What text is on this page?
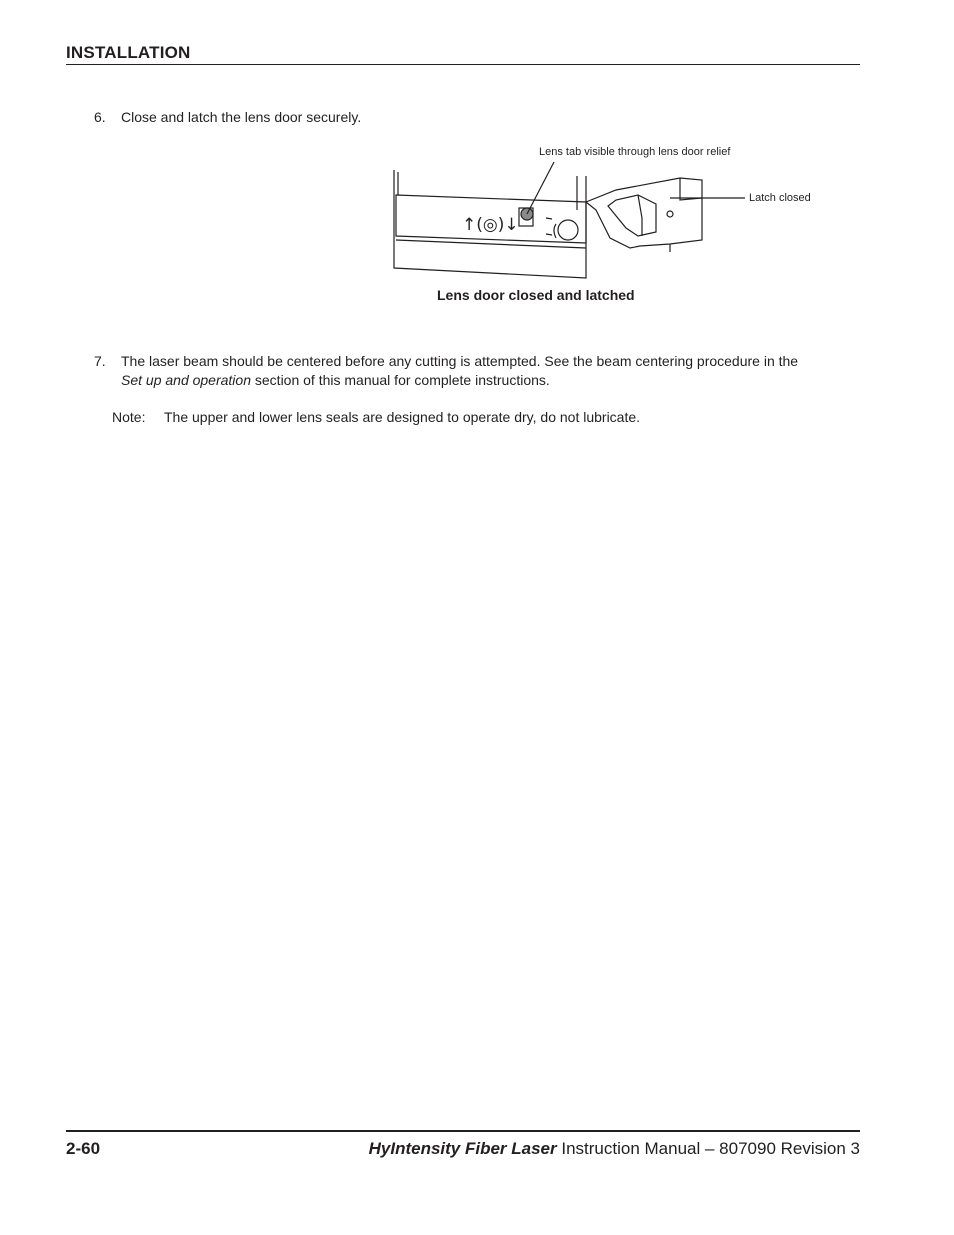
INSTALLATION
6. Close and latch the lens door securely.
↑(◎)↓
Lens tab visible through lens door relief
Latch closed
Lens door closed and latched
7. The laser beam should be centered before any cutting is attempted. See the beam centering procedure in the
Set up and operation section of this manual for complete instructions.
Note: The upper and lower lens seals are designed to operate dry, do not lubricate.
2-60	HyIntensity Fiber Laser Instruction Manual – 807090 Revision 3
